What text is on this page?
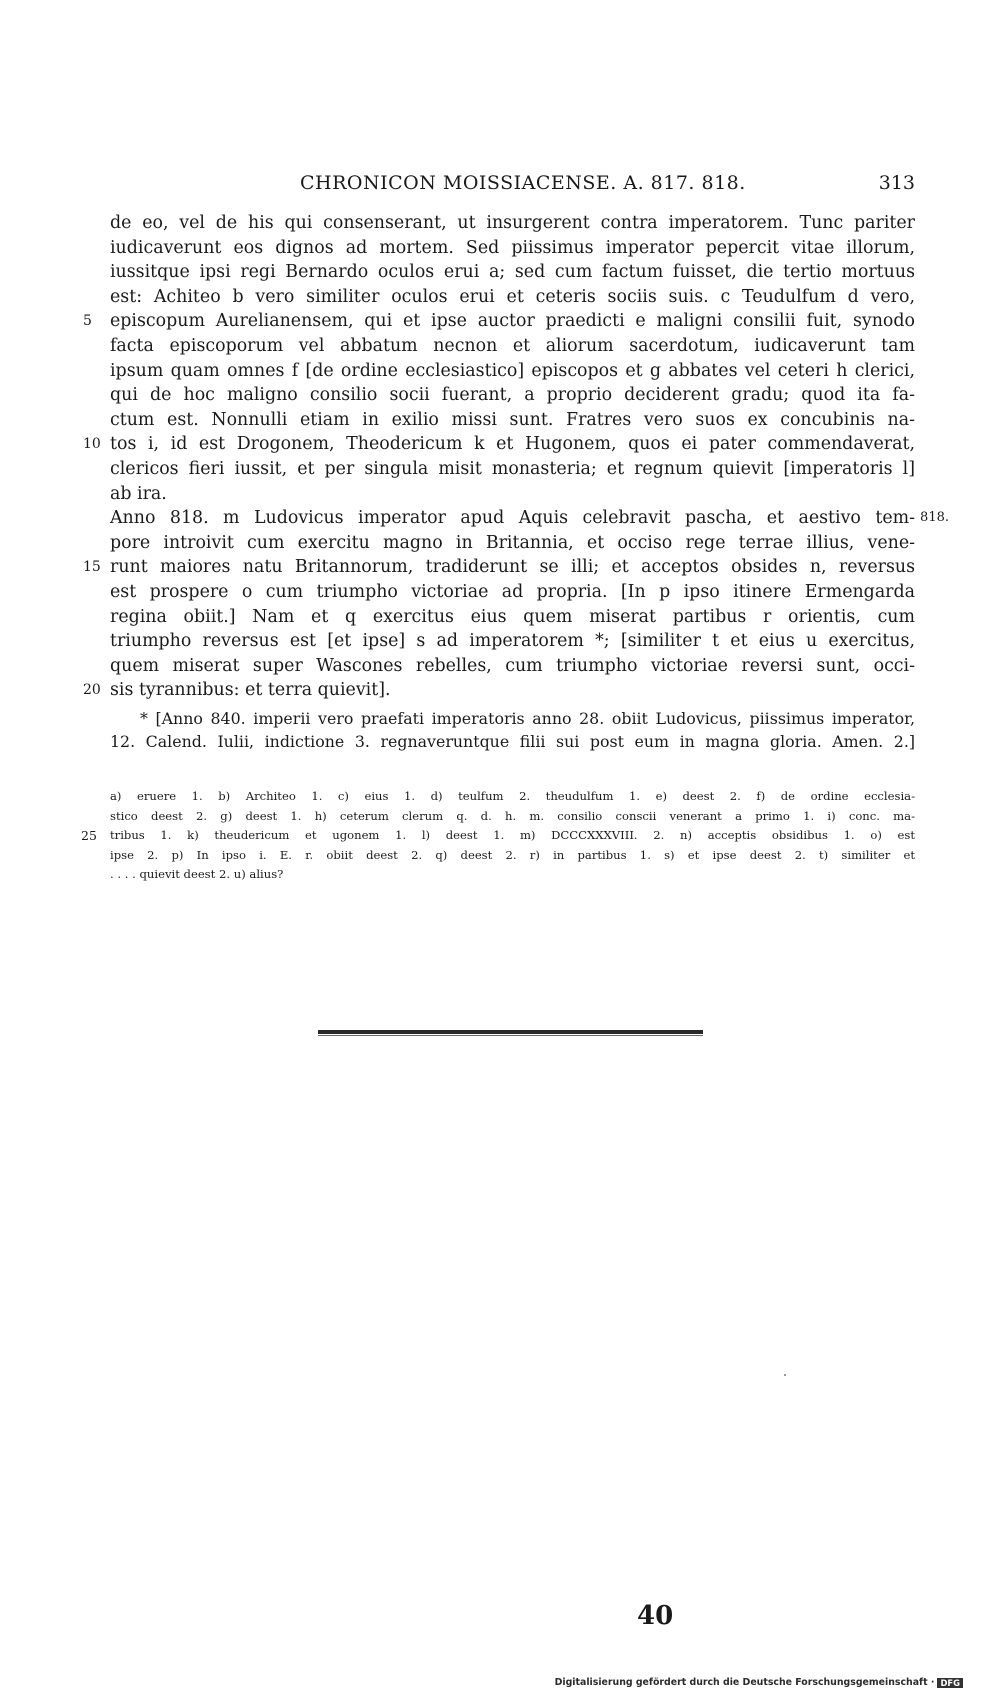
CHRONICON MOISSIACENSE. A. 817. 818.	313
de eo, vel de his qui consenserant, ut insurgerent contra imperatorem. Tunc pariter
iudicaverunt eos dignos ad mortem. Sed piissimus imperator pepercit vitae illorum,
iussitque ipsi regi Bernardo oculos erui a; sed cum factum fuisset, die tertio mortuus
est: Achiteo b vero similiter oculos erui et ceteris sociis suis. c Teudulfum d vero,
5	episcopum Aurelianensem, qui et ipse auctor praedicti e maligni consilii fuit, synodo
facta episcoporum vel abbatum necnon et aliorum sacerdotum, iudicaverunt tam
ipsum quam omnes f [de ordine ecclesiastico] episcopos et g abbates vel ceteri h clerici,
qui de hoc maligno consilio socii fuerant, a proprio deciderent gradu; quod ita fa-
ctum est. Nonnulli etiam in exilio missi sunt. Fratres vero suos ex concubinis na-
10 tos i, id est Drogonem, Theodericum k et Hugonem, quos ei pater commendaverat,
clericos fieri iussit, et per singula misit monasteria; et regnum quievit [imperatoris l]
ab ira.
Anno 818. m Ludovicus imperator apud Aquis celebravit pascha, et aestivo tem- 818.
pore introivit cum exercitu magno in Britannia, et occiso rege terrae illius, vene-
15 runt maiores natu Britannorum, tradiderunt se illi; et acceptos obsides n, reversus
est prospere o cum triumpho victoriae ad propria. [In p ipso itinere Ermengarda
regina obiit.] Nam et q exercitus eius quem miserat partibus r orientis, cum
triumpho reversus est [et ipse] s ad imperatorem *; [similiter t et eius u exercitus,
quem miserat super Wascones rebelles, cum triumpho victoriae reversi sunt, occi-
20 sis tyrannibus: et terra quievit].
* [Anno 840. imperii vero praefati imperatoris anno 28. obiit Ludovicus, piissimus imperator,
12. Calend. Iulii, indictione 3. regnaveruntque filii sui post eum in magna gloria. Amen. 2.]
a) eruere 1. b) Architeo 1. c) eius 1. d) teulfum 2. theudulfum 1. e) deest 2. f) de ordine ecclesia-
stico deest 2. g) deest 1. h) ceterum clerum q. d. h. m. consilio conscii venerant a primo 1. i) conc. ma-
25	tribus 1. k) theudericum et ugonem 1. l) deest 1. m) DCCCXXXVIII. 2. n) acceptis obsidibus 1. o) est
ipse 2. p) In ipso i. E. r. obiit deest 2. q) deest 2. r) in partibus 1. s) et ipse deest 2. t) similiter et
. . . . quievit deest 2. u) alius?
40
Digitalisierung gefördert durch die Deutsche Forschungsgemeinschaft · DFG
